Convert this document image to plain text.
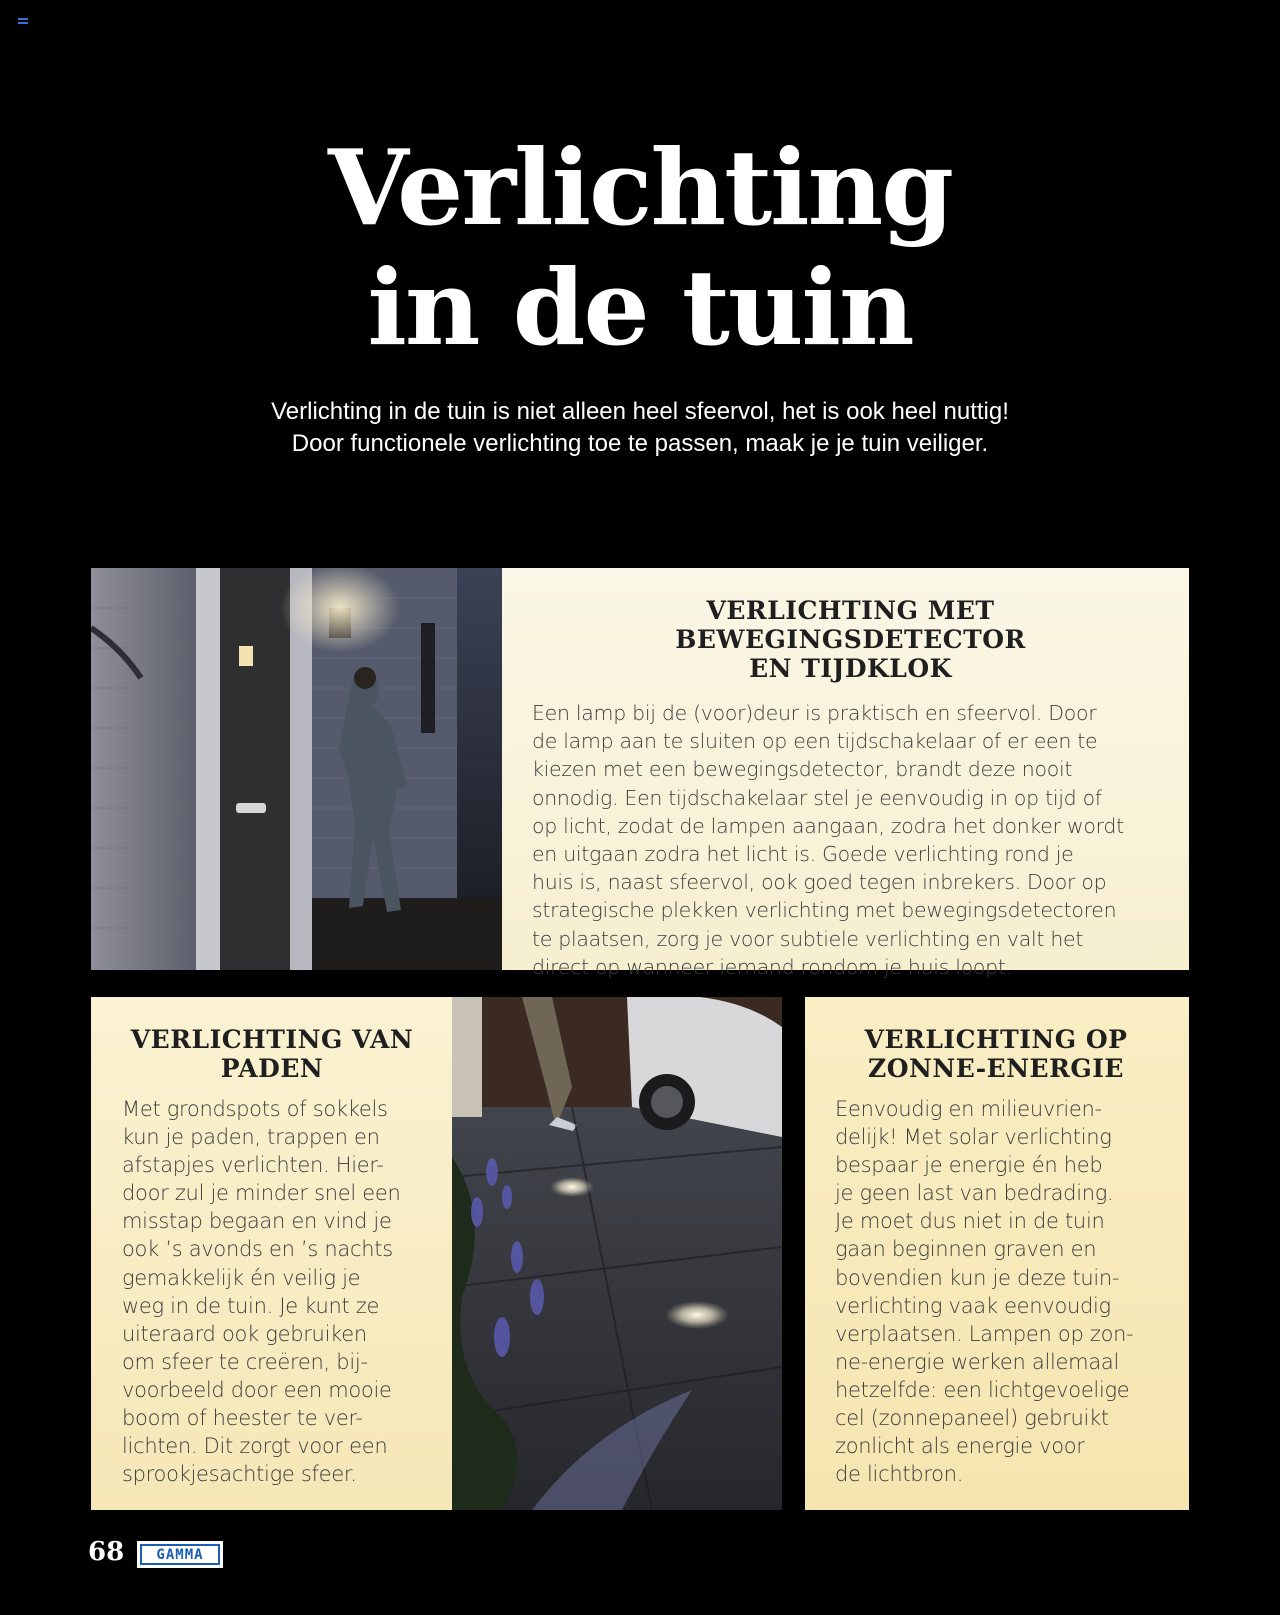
Verlichting
in de tuin

Verlichting in de tuin is niet alleen heel sfeervol, het is ook heel nuttig!
Door functionele verlichting toe te passen, maak je je tuin veiliger.

VERLICHTING MET BEWEGINGSDETECTOR
EN TIJDKLOK

Een lamp bij de (voor)deur is praktisch en sfeervol. Door
de lamp aan te sluiten op een tijdschakelaar of er een te
kiezen met een bewegingsdetector, brandt deze nooit
onnodig. Een tijdschakelaar stel je eenvoudig in op tijd of
op licht, zodat de lampen aangaan, zodra het donker wordt
en uitgaan zodra het licht is. Goede verlichting rond je
huis is, naast sfeervol, ook goed tegen inbrekers. Door op
strategische plekken verlichting met bewegingsdetectoren
te plaatsen, zorg je voor subtiele verlichting en valt het
direct op wanneer iemand rondom je huis loopt.

VERLICHTING VAN
PADEN

Met grondspots of sokkels
kun je paden, trappen en
afstapjes verlichten. Hier-
door zul je minder snel een
misstap begaan en vind je
ook ’s avonds en ’s nachts
gemakkelijk én veilig je
weg in de tuin. Je kunt ze
uiteraard ook gebruiken
om sfeer te creëren, bij-
voorbeeld door een mooie
boom of heester te ver-
lichten. Dit zorgt voor een
sprookjesachtige sfeer.

VERLICHTING OP
ZONNE-ENERGIE

Eenvoudig en milieuvrien-
delijk! Met solar verlichting
bespaar je energie én heb
je geen last van bedrading.
Je moet dus niet in de tuin
gaan beginnen graven en
bovendien kun je deze tuin-
verlichting vaak eenvoudig
verplaatsen. Lampen op zon-
ne-energie werken allemaal
hetzelfde: een lichtgevoelige
cel (zonnepaneel) gebruikt
zonlicht als energie voor
de lichtbron.

68 GAMMA
